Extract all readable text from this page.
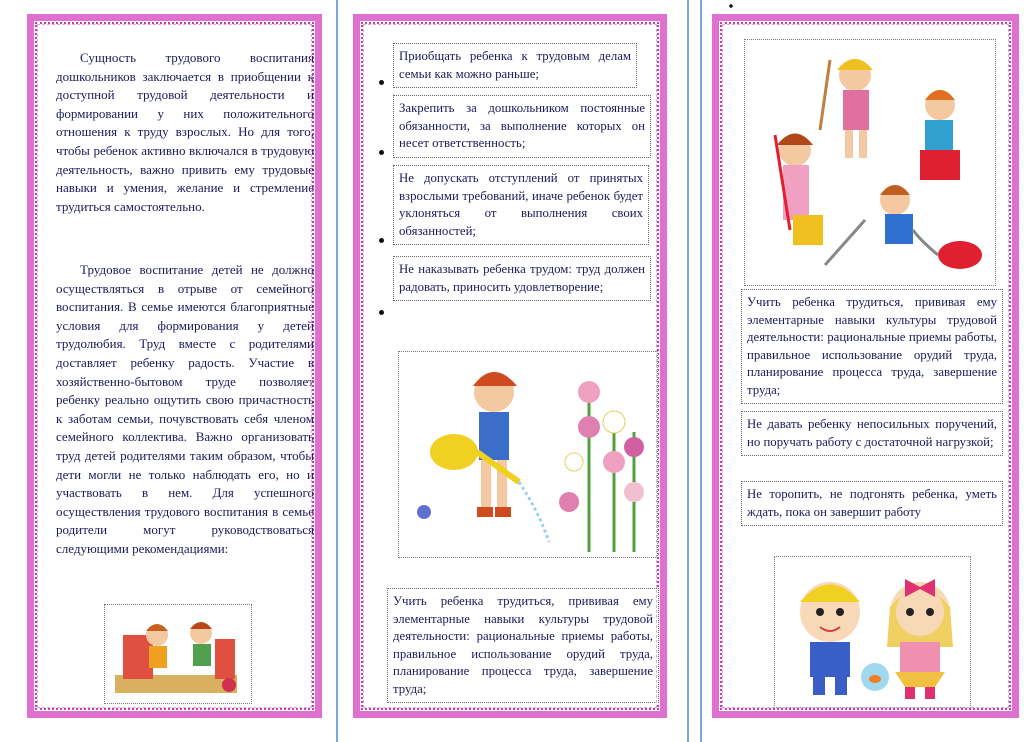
Сущность трудового воспитания дошкольников заключается в приобщении к доступной трудовой деятельности и формировании у них положительного отношения к труду взрослых. Но для того, чтобы ребенок активно включался в трудовую деятельность, важно привить ему трудовые навыки и умения, желание и стремление трудиться самостоятельно.

Трудовое воспитание детей не должно осуществляться в отрыве от семейного воспитания. В семье имеются благоприятные условия для формирования у детей трудолюбия. Труд вместе с родителями доставляет ребенку радость. Участие в хозяйственно-бытовом труде позволяет ребенку реально ощутить свою причастность к заботам семьи, почувствовать себя членом семейного коллектива. Важно организовать труд детей родителями таким образом, чтобы дети могли не только наблюдать его, но и участвовать в нем. Для успешного осуществления трудового воспитания в семье родители могут руководствоваться следующими рекомендациями:

Приобщать ребенка к трудовым делам семьи как можно раньше;
Закрепить за дошкольником постоянные обязанности, за выполнение которых он несет ответственность;
Не допускать отступлений от принятых взрослыми требований, иначе ребенок будет уклоняться от выполнения своих обязанностей;
Не наказывать ребенка трудом: труд должен радовать, приносить удовлетворение;
Учить ребенка трудиться, прививая ему элементарные навыки культуры трудовой деятельности: рациональные приемы работы, правильное использование орудий труда, планирование процесса труда, завершение труда;
Учить ребенка трудиться, прививая ему элементарные навыки культуры трудовой деятельности: рациональные приемы работы, правильное использование орудий труда, планирование процесса труда, завершение труда;
Не давать ребенку непосильных поручений, но поручать работу с достаточной нагрузкой;
Не торопить, не подгонять ребенка, уметь ждать, пока он завершит работу
